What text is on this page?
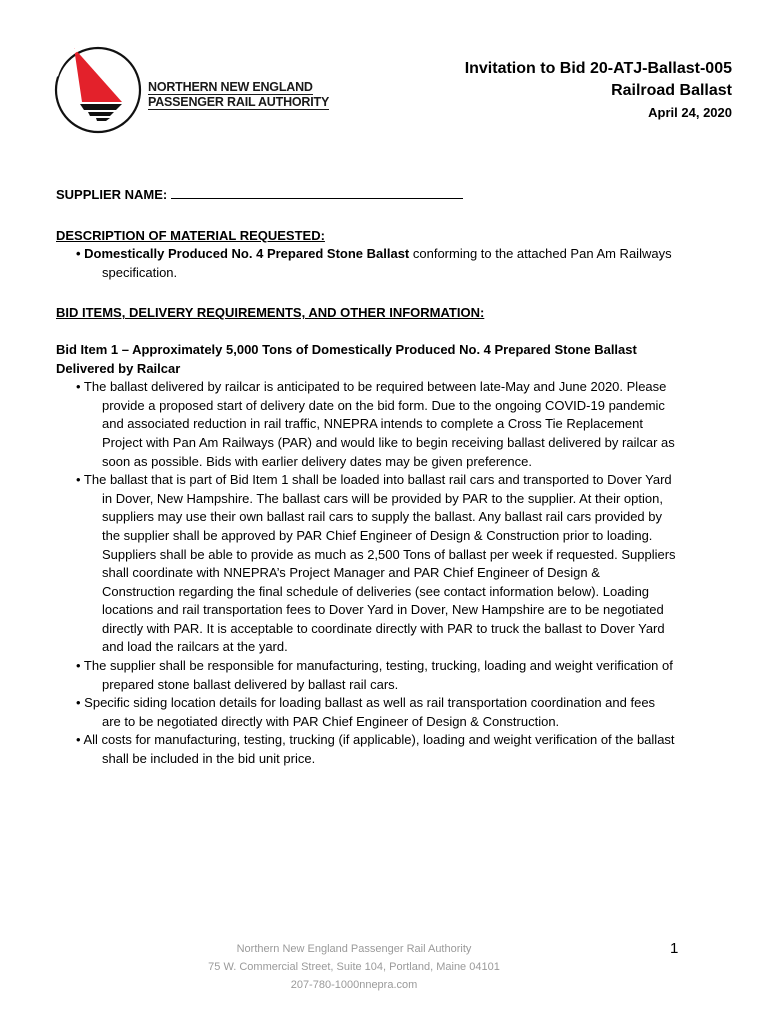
NORTHERN NEW ENGLAND
PASSENGER RAIL AUTHORITY
Invitation to Bid 20-ATJ-Ballast-005
Railroad Ballast
April 24, 2020
SUPPLIER NAME:
DESCRIPTION OF MATERIAL REQUESTED:
• Domestically Produced No. 4 Prepared Stone Ballast conforming to the attached Pan Am Railways specification.
BID ITEMS, DELIVERY REQUIREMENTS, AND OTHER INFORMATION:
Bid Item 1 – Approximately 5,000 Tons of Domestically Produced No. 4 Prepared Stone Ballast Delivered by Railcar
• The ballast delivered by railcar is anticipated to be required between late-May and June 2020. Please provide a proposed start of delivery date on the bid form. Due to the ongoing COVID-19 pandemic and associated reduction in rail traffic, NNEPRA intends to complete a Cross Tie Replacement Project with Pan Am Railways (PAR) and would like to begin receiving ballast delivered by railcar as soon as possible. Bids with earlier delivery dates may be given preference.
• The ballast that is part of Bid Item 1 shall be loaded into ballast rail cars and transported to Dover Yard in Dover, New Hampshire. The ballast cars will be provided by PAR to the supplier. At their option, suppliers may use their own ballast rail cars to supply the ballast. Any ballast rail cars provided by the supplier shall be approved by PAR Chief Engineer of Design & Construction prior to loading. Suppliers shall be able to provide as much as 2,500 Tons of ballast per week if requested. Suppliers shall coordinate with NNEPRA’s Project Manager and PAR Chief Engineer of Design & Construction regarding the final schedule of deliveries (see contact information below). Loading locations and rail transportation fees to Dover Yard in Dover, New Hampshire are to be negotiated directly with PAR. It is acceptable to coordinate directly with PAR to truck the ballast to Dover Yard and load the railcars at the yard.
• The supplier shall be responsible for manufacturing, testing, trucking, loading and weight verification of prepared stone ballast delivered by ballast rail cars.
• Specific siding location details for loading ballast as well as rail transportation coordination and fees are to be negotiated directly with PAR Chief Engineer of Design & Construction.
• All costs for manufacturing, testing, trucking (if applicable), loading and weight verification of the ballast shall be included in the bid unit price.
Northern New England Passenger Rail Authority
75 W. Commercial Street, Suite 104, Portland, Maine 04101
207-780-1000nnepra.com
1
